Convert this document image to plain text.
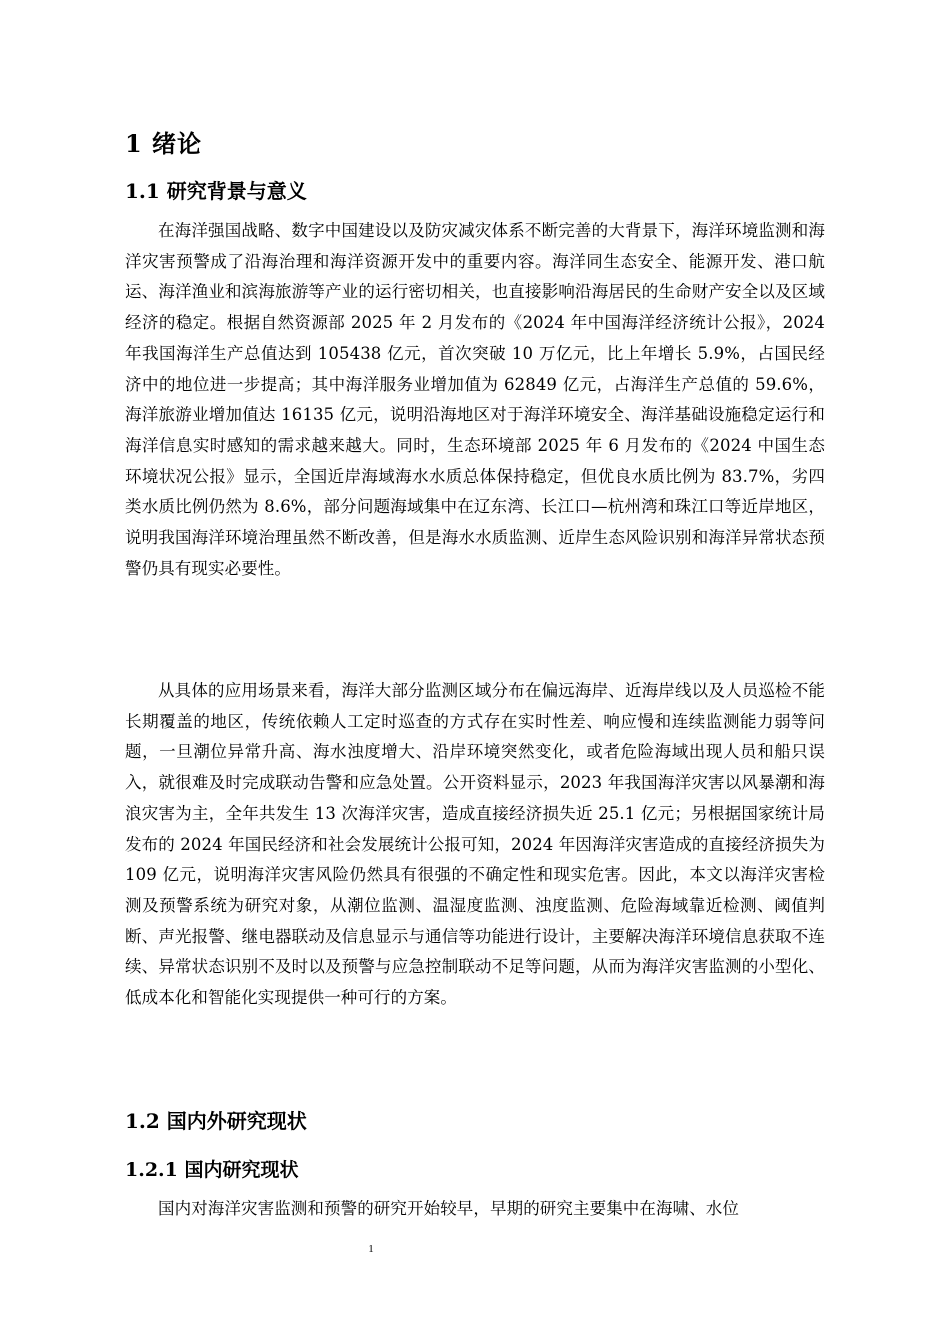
1 绪论
1.1 研究背景与意义

在海洋强国战略、数字中国建设以及防灾减灾体系不断完善的大背景下，海洋环境监测和海洋灾害预警成了沿海治理和海洋资源开发中的重要内容。海洋同生态安全、能源开发、港口航运、海洋渔业和滨海旅游等产业的运行密切相关，也直接影响沿海居民的生命财产安全以及区域经济的稳定。根据自然资源部 2025 年 2 月发布的《2024 年中国海洋经济统计公报》，2024 年我国海洋生产总值达到 105438 亿元，首次突破 10 万亿元，比上年增长 5.9%，占国民经济中的地位进一步提高；其中海洋服务业增加值为 62849 亿元，占海洋生产总值的 59.6%，海洋旅游业增加值达 16135 亿元，说明沿海地区对于海洋环境安全、海洋基础设施稳定运行和海洋信息实时感知的需求越来越大。同时，生态环境部 2025 年 6 月发布的《2024 中国生态环境状况公报》显示，全国近岸海域海水水质总体保持稳定，但优良水质比例为 83.7%，劣四类水质比例仍然为 8.6%，部分问题海域集中在辽东湾、长江口—杭州湾和珠江口等近岸地区，说明我国海洋环境治理虽然不断改善，但是海水水质监测、近岸生态风险识别和海洋异常状态预警仍具有现实必要性。

从具体的应用场景来看，海洋大部分监测区域分布在偏远海岸、近海岸线以及人员巡检不能长期覆盖的地区，传统依赖人工定时巡查的方式存在实时性差、响应慢和连续监测能力弱等问题，一旦潮位异常升高、海水浊度增大、沿岸环境突然变化，或者危险海域出现人员和船只误入，就很难及时完成联动告警和应急处置。公开资料显示，2023 年我国海洋灾害以风暴潮和海浪灾害为主，全年共发生 13 次海洋灾害，造成直接经济损失近 25.1 亿元；另根据国家统计局发布的 2024 年国民经济和社会发展统计公报可知，2024 年因海洋灾害造成的直接经济损失为 109 亿元，说明海洋灾害风险仍然具有很强的不确定性和现实危害。因此，本文以海洋灾害检测及预警系统为研究对象，从潮位监测、温湿度监测、浊度监测、危险海域靠近检测、阈值判断、声光报警、继电器联动及信息显示与通信等功能进行设计，主要解决海洋环境信息获取不连续、异常状态识别不及时以及预警与应急控制联动不足等问题，从而为海洋灾害监测的小型化、低成本化和智能化实现提供一种可行的方案。

1.2 国内外研究现状
1.2.1 国内研究现状

国内对海洋灾害监测和预警的研究开始较早，早期的研究主要集中在海啸、水位

1
